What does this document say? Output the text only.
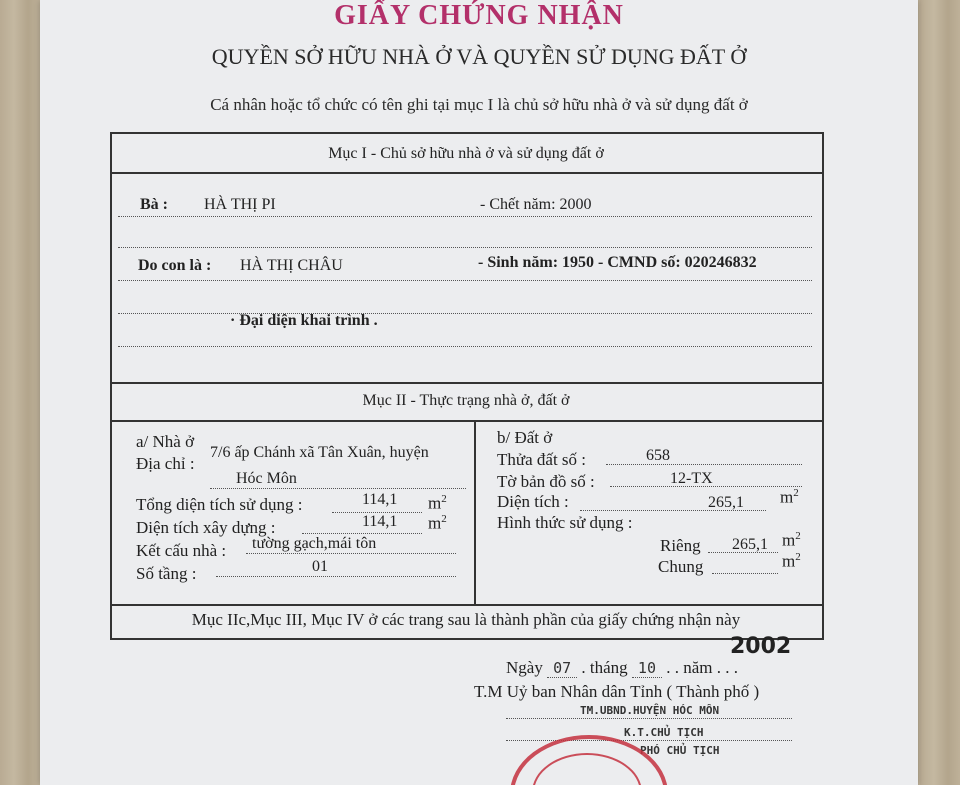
GIẤY CHỨNG NHẬN
QUYỀN SỞ HỮU NHÀ Ở VÀ QUYỀN SỬ DỤNG ĐẤT Ở
Cá nhân hoặc tổ chức có tên ghi tại mục I là chủ sở hữu nhà ở và sử dụng đất ở
Mục I - Chủ sở hữu nhà ở và sử dụng đất ở
Bà : HÀ THỊ PI	- Chết năm: 2000
Do con là : HÀ THỊ CHÂU	- Sinh năm: 1950 - CMND số: 020246832
· Đại diện khai trình .
Mục II - Thực trạng nhà ở, đất ở
a/ Nhà ở
Địa chỉ :
7/6 ấp Chánh xã Tân Xuân, huyện
Hóc Môn
Tổng diện tích sử dụng :	114,1 $m^2$
Diện tích xây dựng :	114,1 $m^2$
Kết cấu nhà : tường gạch,mái tôn
Số tầng :	01
b/ Đất ở
Thửa đất số :	658
Tờ bản đồ số :	12-TX
Diện tích :	265,1 $m^2$
Hình thức sử dụng :
Riêng 265,1 $m^2$
Chung	$m^2$
Mục IIc,Mục III, Mục IV ở các trang sau là thành phần của giấy chứng nhận này
2002
Ngày 07 . tháng 10 . . năm . . .
T.M Uỷ ban Nhân dân Tỉnh ( Thành phố )
TM.UBND.HUYỆN HÓC MÔN
K.T.CHỦ TỊCH
PHÓ CHỦ TỊCH
